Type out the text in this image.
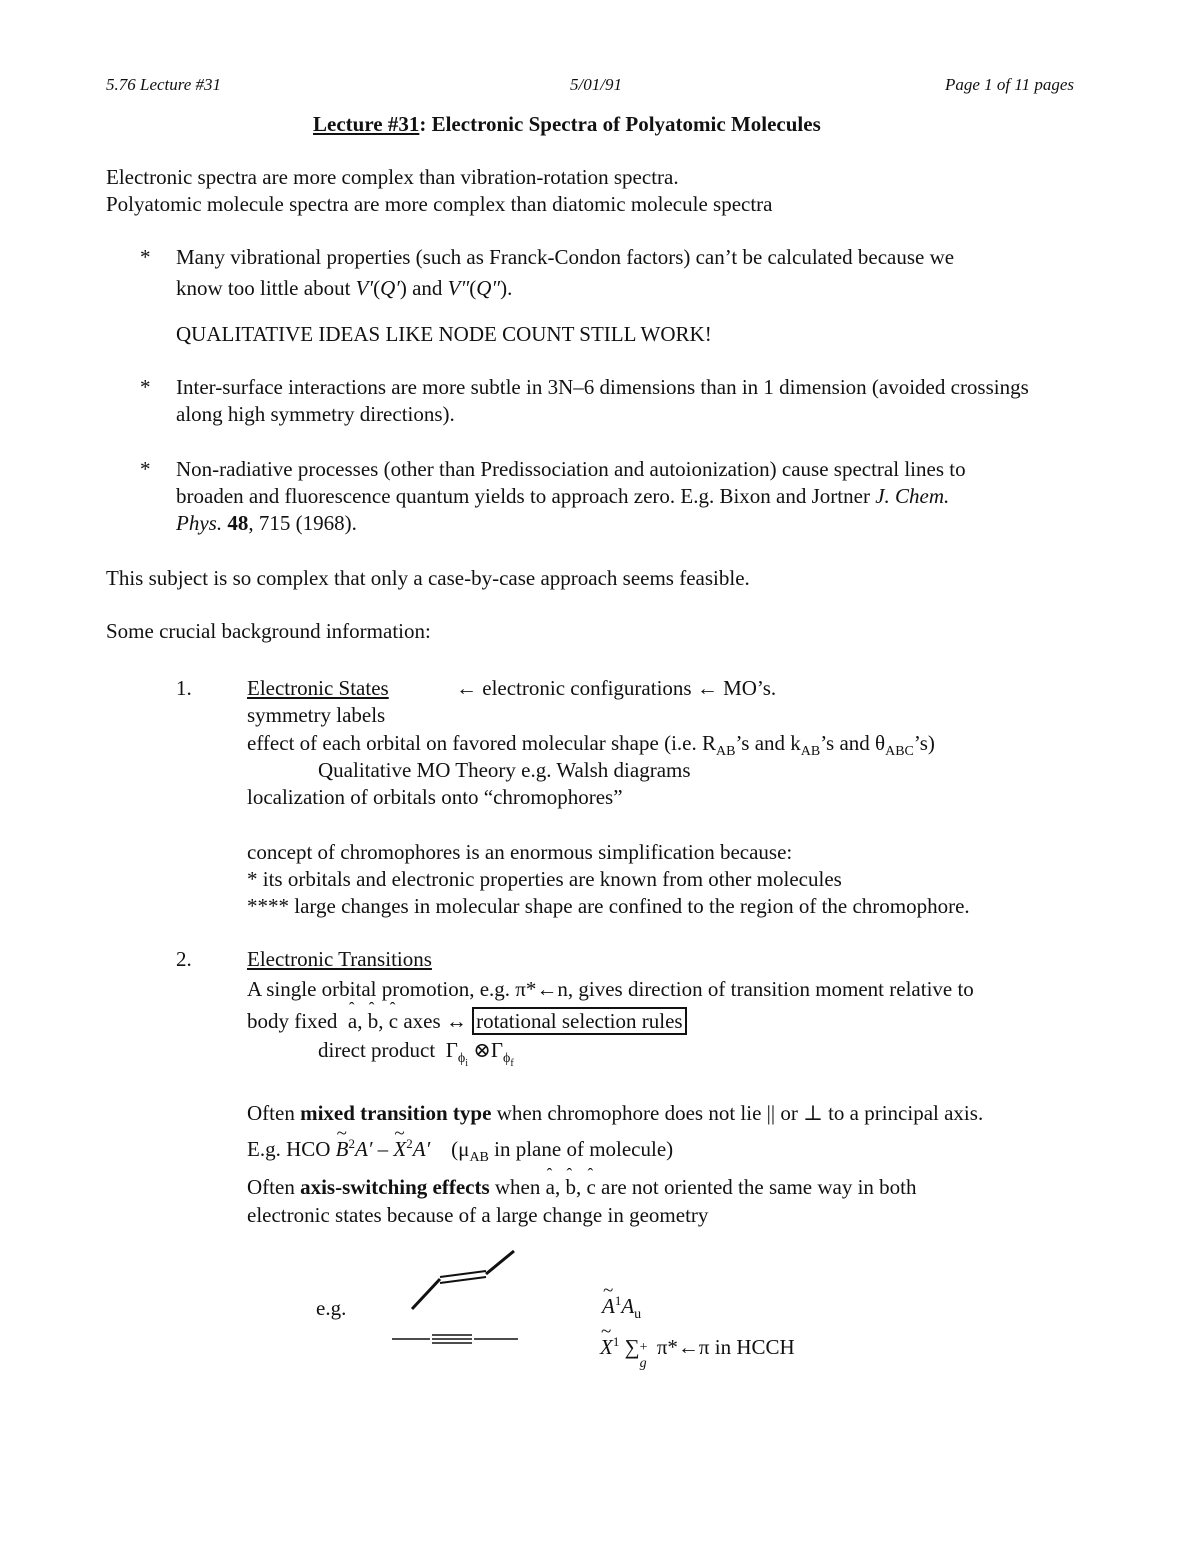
5.76 Lecture #31	5/01/91	Page 1 of 11 pages
Lecture #31: Electronic Spectra of Polyatomic Molecules
Electronic spectra are more complex than vibration-rotation spectra.
Polyatomic molecule spectra are more complex than diatomic molecule spectra
* Many vibrational properties (such as Franck-Condon factors) can’t be calculated because we
know too little about V′(Q′) and V″(Q″).
QUALITATIVE IDEAS LIKE NODE COUNT STILL WORK!
* Inter-surface interactions are more subtle in 3N–6 dimensions than in 1 dimension (avoided crossings along high symmetry directions).
* Non-radiative processes (other than Predissociation and autoionization) cause spectral lines to
broaden and fluorescence quantum yields to approach zero. E.g. Bixon and Jortner J. Chem.
Phys. 48, 715 (1968).
This subject is so complex that only a case-by-case approach seems feasible.
Some crucial background information:
1.	Electronic States	← electronic configurations ← MO’s.
symmetry labels
effect of each orbital on favored molecular shape (i.e. $R_{AB}’s$ and $k_{AB}’s$ and $\theta_{ABC}’s$)
Qualitative MO Theory e.g. Walsh diagrams
localization of orbitals onto “chromophores”
concept of chromophores is an enormous simplification because:
* its orbitals and electronic properties are known from other molecules
**** large changes in molecular shape are confined to the region of the chromophore.
2.	Electronic Transitions
A single orbital promotion, e.g. π*←n, gives direction of transition moment relative to
body fixed ˆ a, ˆ b, ˆ c axes ↔ rotational selection rules
direct product $\Gamma_{\phi_i}$ $\otimes\Gamma_{\phi_f}$
Often mixed transition type when chromophore does not lie || or ⊥ to a principal axis.
E.g. HCO ~ $B^2A'$ – ~ $X^2A'$ ($\mu_{AB}$ in plane of molecule)
Often axis-switching effects when ˆ a, ˆ b, ˆ c are not oriented the same way in both
electronic states because of a large change in geometry
e.g.	~ $A^1A_u$
~ $X^1$ ∑ +
g
π*←π in HCCH
